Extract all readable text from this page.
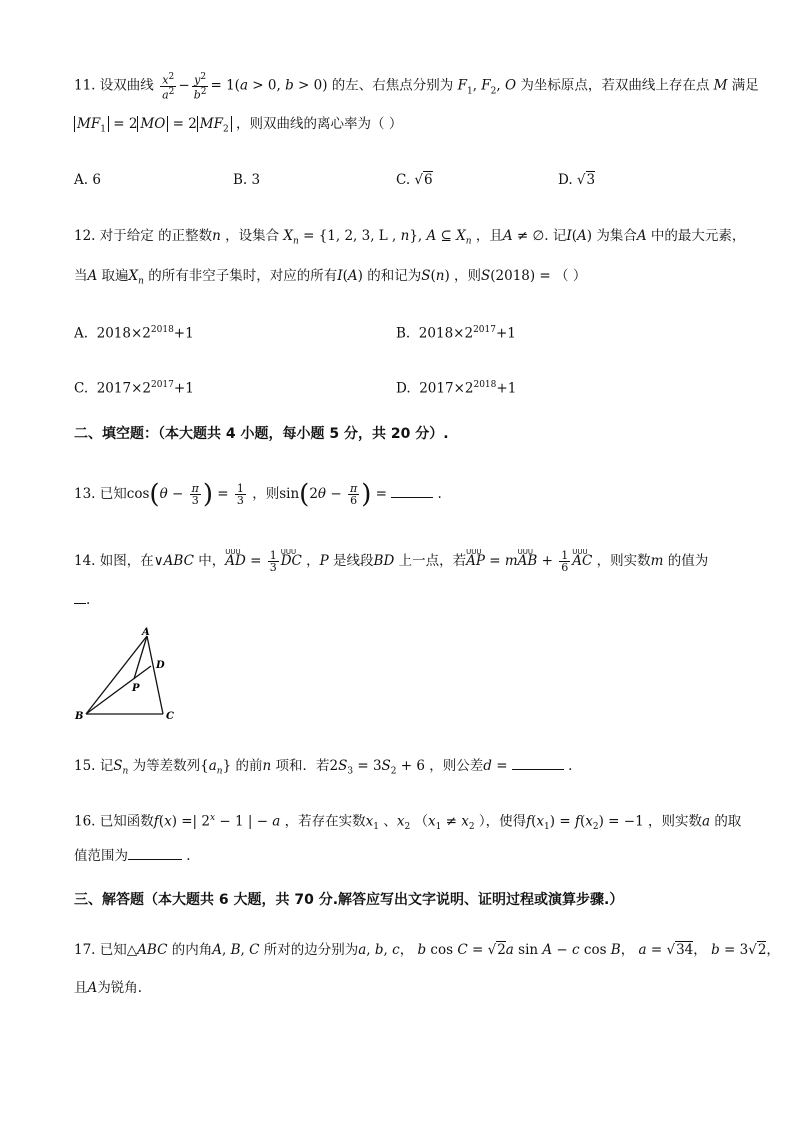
11. 设双曲线 $\frac{x^2}{a^2} - \frac{y^2}{b^2} = 1(a > 0$, b > 0) 的左、右焦点分别为 $F_1$, $F_2$, O 为坐标原点，若双曲线上存在点 M 满足
$MF_1 = 2$ MO = 2 $MF_2$ ，则双曲线的离心率为（ ）
A. 6	B. 3	C. √6	D. √3
12. 对于给定 的正整数n ，设集合 $X_n = \{1$, 2, 3, L , n}, A ⊆ $X_n$ ，且A ≠ ∅. 记I(A) 为集合A 中的最大元素，
当A 取遍$X_n$ 的所有非空子集时，对应的所有I(A) 的和记为S(n) ，则S(2018) = （ ）
A.  $2018\times 2^{2018}+1$	B.  $2018\times 2^{2017}+1$
C.  $2017\times 2^{2017}+1$	D.  $2017\times 2^{2018}+1$
二、填空题：（本大题共 4 小题，每小题 5 分，共 20 分）.
13. 已知$\cos(\theta - \frac{\pi}{3}$ ) = $\frac{1}{3}$ ，则$\sin(2\theta - \frac{\pi}{6}$ ) =	.
14. 如图，在∨ABC 中，UUU AD = $\frac{1}{3}$ UUU DC ，P 是线段BD 上一点，若UUU AP = mUUU AB + $\frac{1}{6}$ UUU AC ，则实数m 的值为
.
A
D
P
B	C
15. 记$S_n$ 为等差数列$\{a_n\}$ 的前n 项和．若$2S_3 = 3S_2 + 6$ ，则公差d =	.
16. 已知函数f(x) =| $2^x - 1$ | − a ，若存在实数$x_1$ 、$x_2$ （$x_1 \ne x_2$ ），使得$f(x_1) = f(x_2) = -1$ ，则实数a 的取
值范围为	.
三、解答题（本大题共 6 大题，共 70 分.解答应写出文字说明、证明过程或演算步骤.）
17. 已知△ABC 的内角A, B, C 所对的边分别为a, b, c， b cos C = √2a sin A − c cos B， a = √34， b = 3√2，
且A为锐角.
